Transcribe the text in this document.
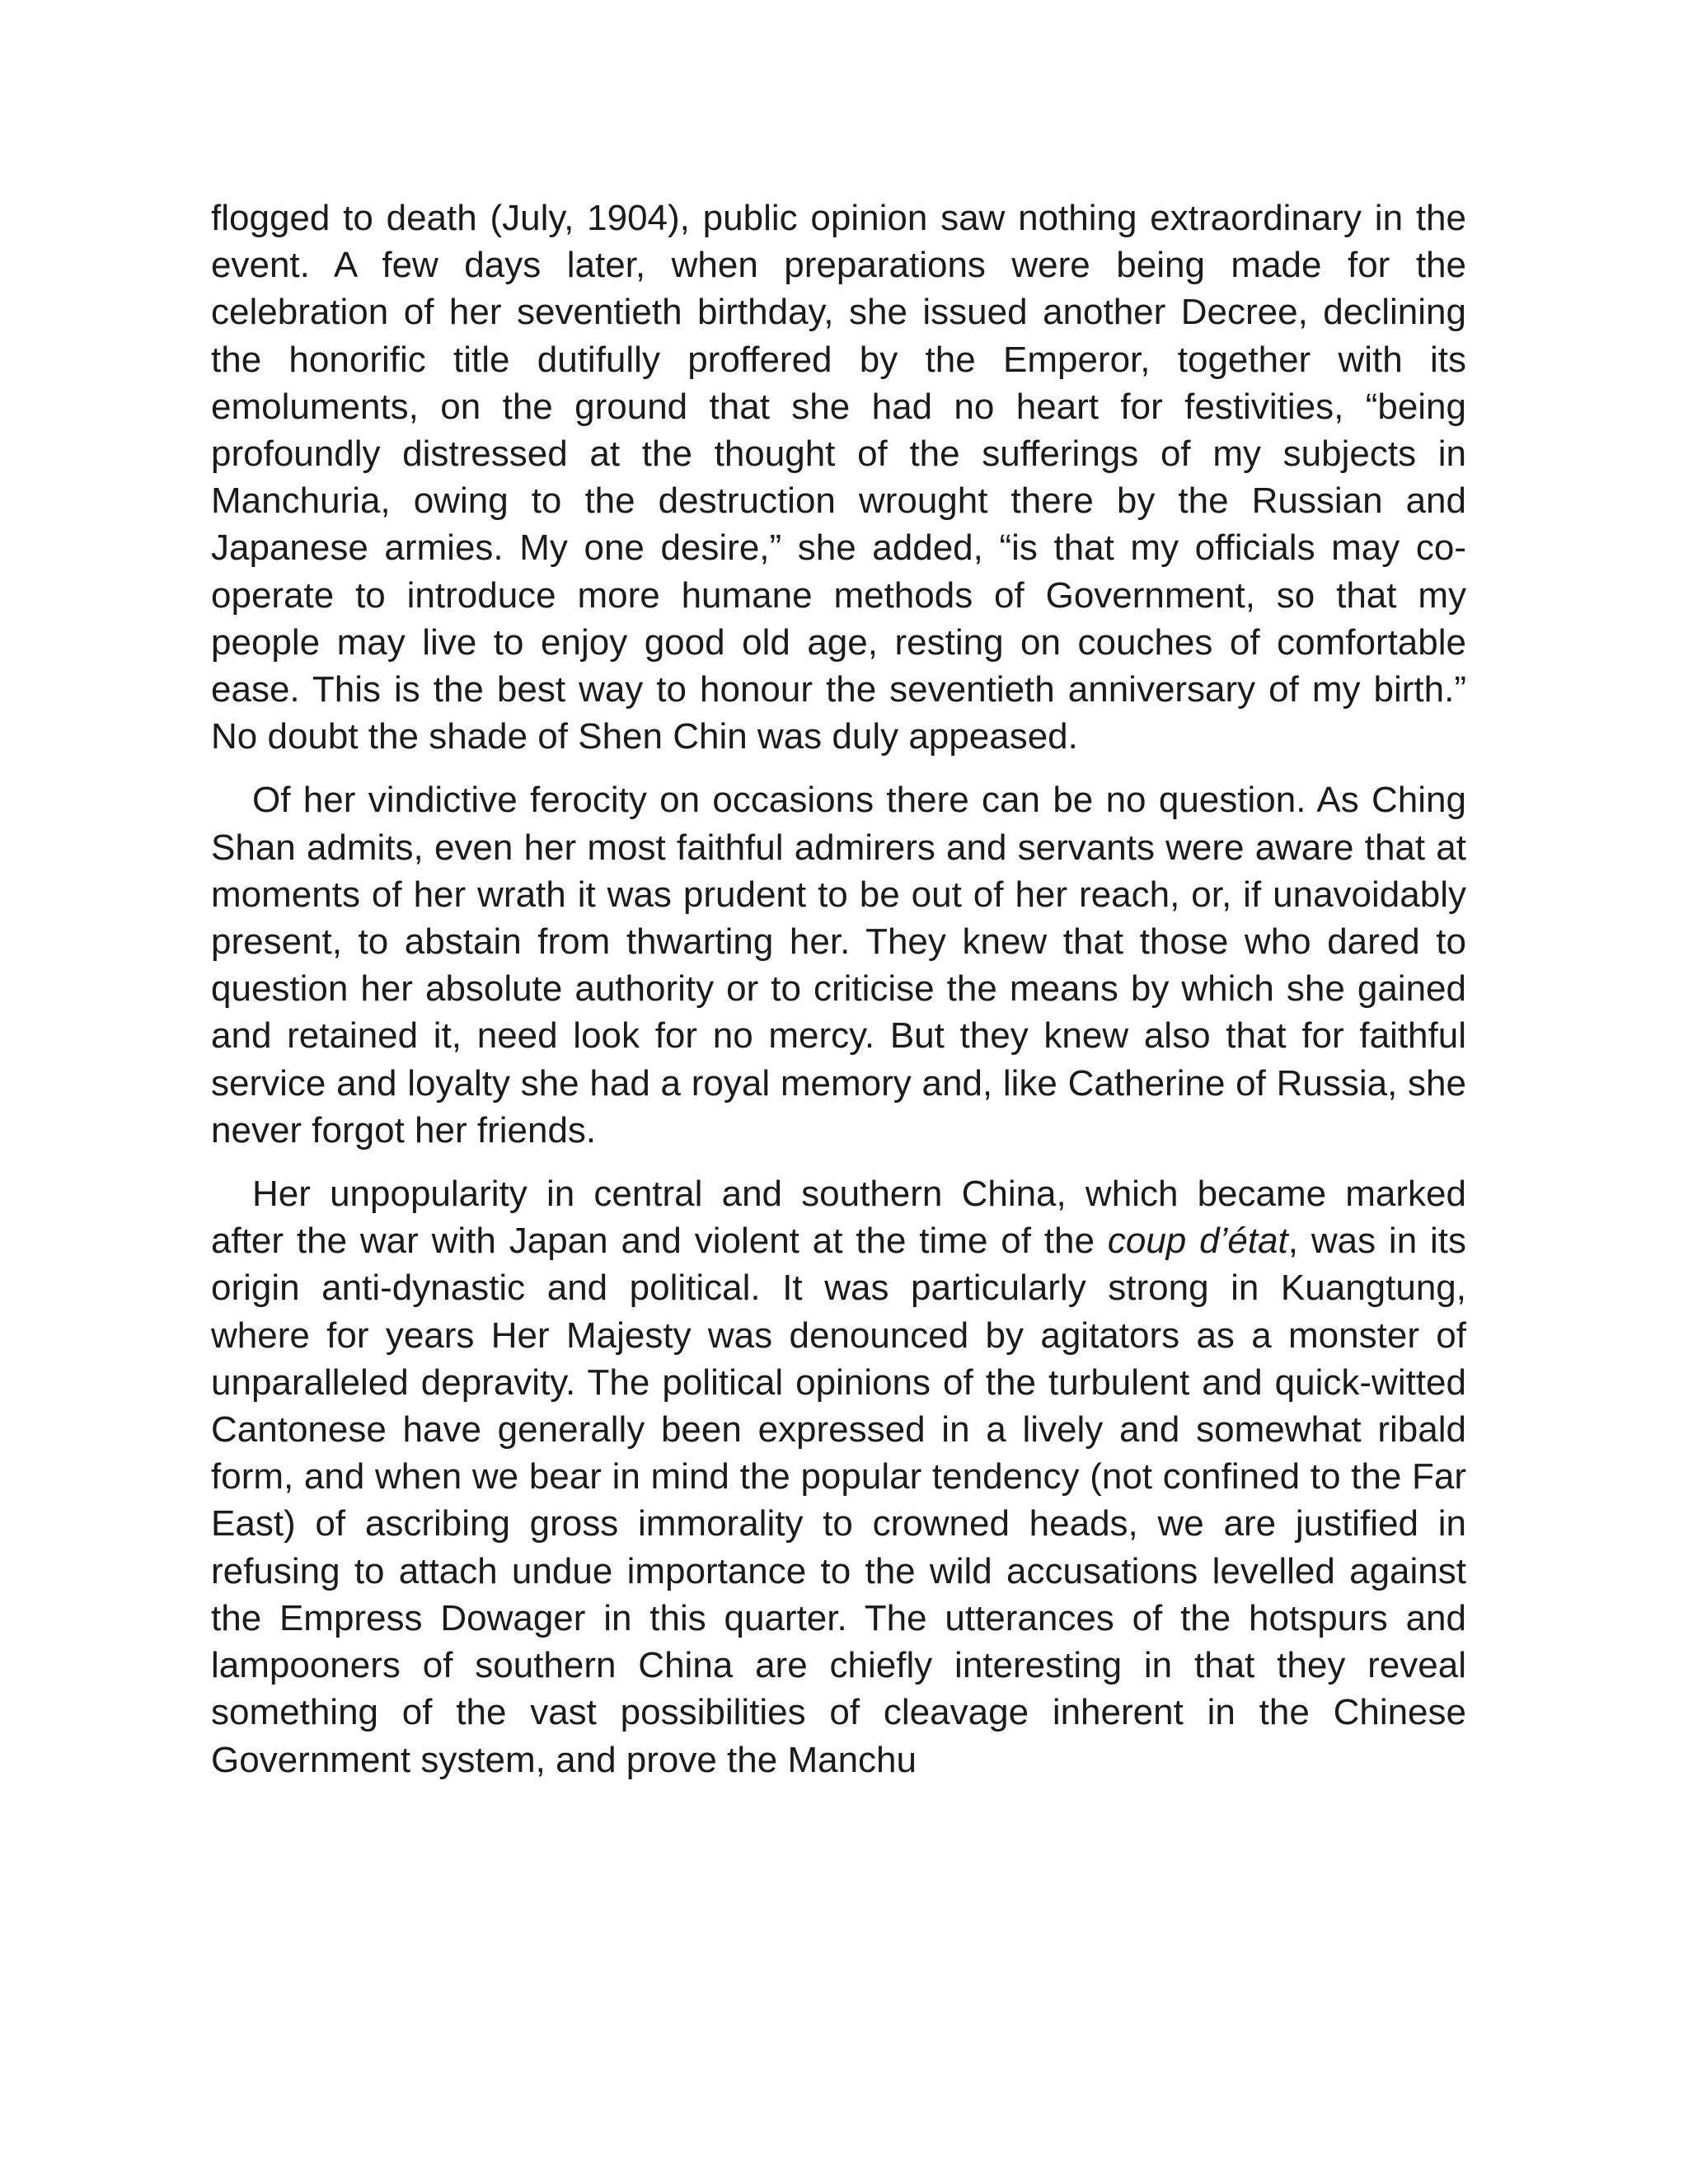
flogged to death (July, 1904), public opinion saw nothing extraordinary in the event. A few days later, when preparations were being made for the celebration of her seventieth birthday, she issued another Decree, declining the honorific title dutifully proffered by the Emperor, together with its emoluments, on the ground that she had no heart for festivities, “being profoundly distressed at the thought of the sufferings of my subjects in Manchuria, owing to the destruction wrought there by the Russian and Japanese armies. My one desire,” she added, “is that my officials may co-operate to introduce more humane methods of Government, so that my people may live to enjoy good old age, resting on couches of comfortable ease. This is the best way to honour the seventieth anniversary of my birth.” No doubt the shade of Shen Chin was duly appeased.

Of her vindictive ferocity on occasions there can be no question. As Ching Shan admits, even her most faithful admirers and servants were aware that at moments of her wrath it was prudent to be out of her reach, or, if unavoidably present, to abstain from thwarting her. They knew that those who dared to question her absolute authority or to criticise the means by which she gained and retained it, need look for no mercy. But they knew also that for faithful service and loyalty she had a royal memory and, like Catherine of Russia, she never forgot her friends.

Her unpopularity in central and southern China, which became marked after the war with Japan and violent at the time of the coup d’état, was in its origin anti-dynastic and political. It was particularly strong in Kuangtung, where for years Her Majesty was denounced by agitators as a monster of unparalleled depravity. The political opinions of the turbulent and quick-witted Cantonese have generally been expressed in a lively and somewhat ribald form, and when we bear in mind the popular tendency (not confined to the Far East) of ascribing gross immorality to crowned heads, we are justified in refusing to attach undue importance to the wild accusations levelled against the Empress Dowager in this quarter. The utterances of the hotspurs and lampooners of southern China are chiefly interesting in that they reveal something of the vast possibilities of cleavage inherent in the Chinese Government system, and prove the Manchu
